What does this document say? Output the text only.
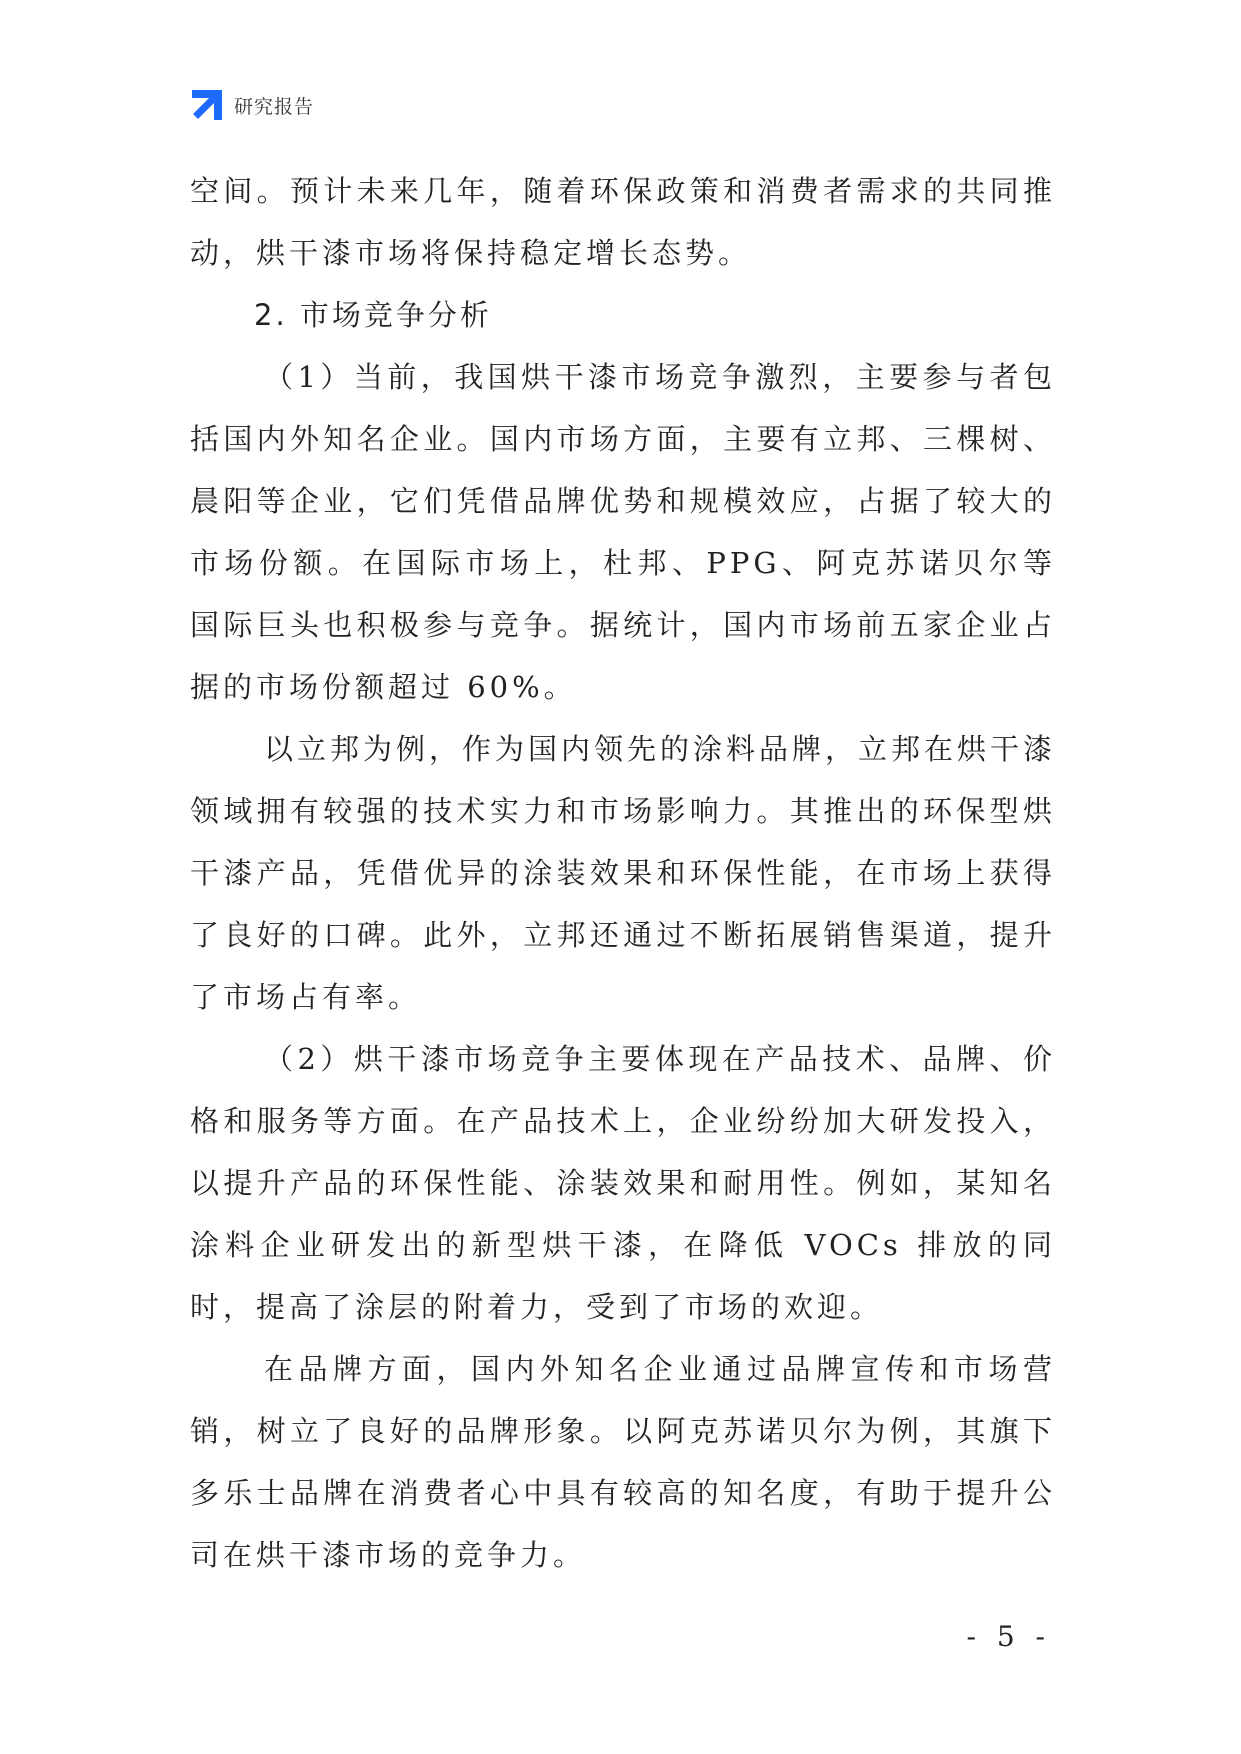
研究报告

空间。预计未来几年，随着环保政策和消费者需求的共同推动，烘干漆市场将保持稳定增长态势。

2. 市场竞争分析

（1）当前，我国烘干漆市场竞争激烈，主要参与者包括国内外知名企业。国内市场方面，主要有立邦、三棵树、晨阳等企业，它们凭借品牌优势和规模效应，占据了较大的市场份额。在国际市场上，杜邦、PPG、阿克苏诺贝尔等国际巨头也积极参与竞争。据统计，国内市场前五家企业占据的市场份额超过 60%。

以立邦为例，作为国内领先的涂料品牌，立邦在烘干漆领域拥有较强的技术实力和市场影响力。其推出的环保型烘干漆产品，凭借优异的涂装效果和环保性能，在市场上获得了良好的口碑。此外，立邦还通过不断拓展销售渠道，提升了市场占有率。

（2）烘干漆市场竞争主要体现在产品技术、品牌、价格和服务等方面。在产品技术上，企业纷纷加大研发投入，以提升产品的环保性能、涂装效果和耐用性。例如，某知名涂料企业研发出的新型烘干漆，在降低 VOCs 排放的同时，提高了涂层的附着力，受到了市场的欢迎。

在品牌方面，国内外知名企业通过品牌宣传和市场营销，树立了良好的品牌形象。以阿克苏诺贝尔为例，其旗下多乐士品牌在消费者心中具有较高的知名度，有助于提升公司在烘干漆市场的竞争力。

- 5 -
